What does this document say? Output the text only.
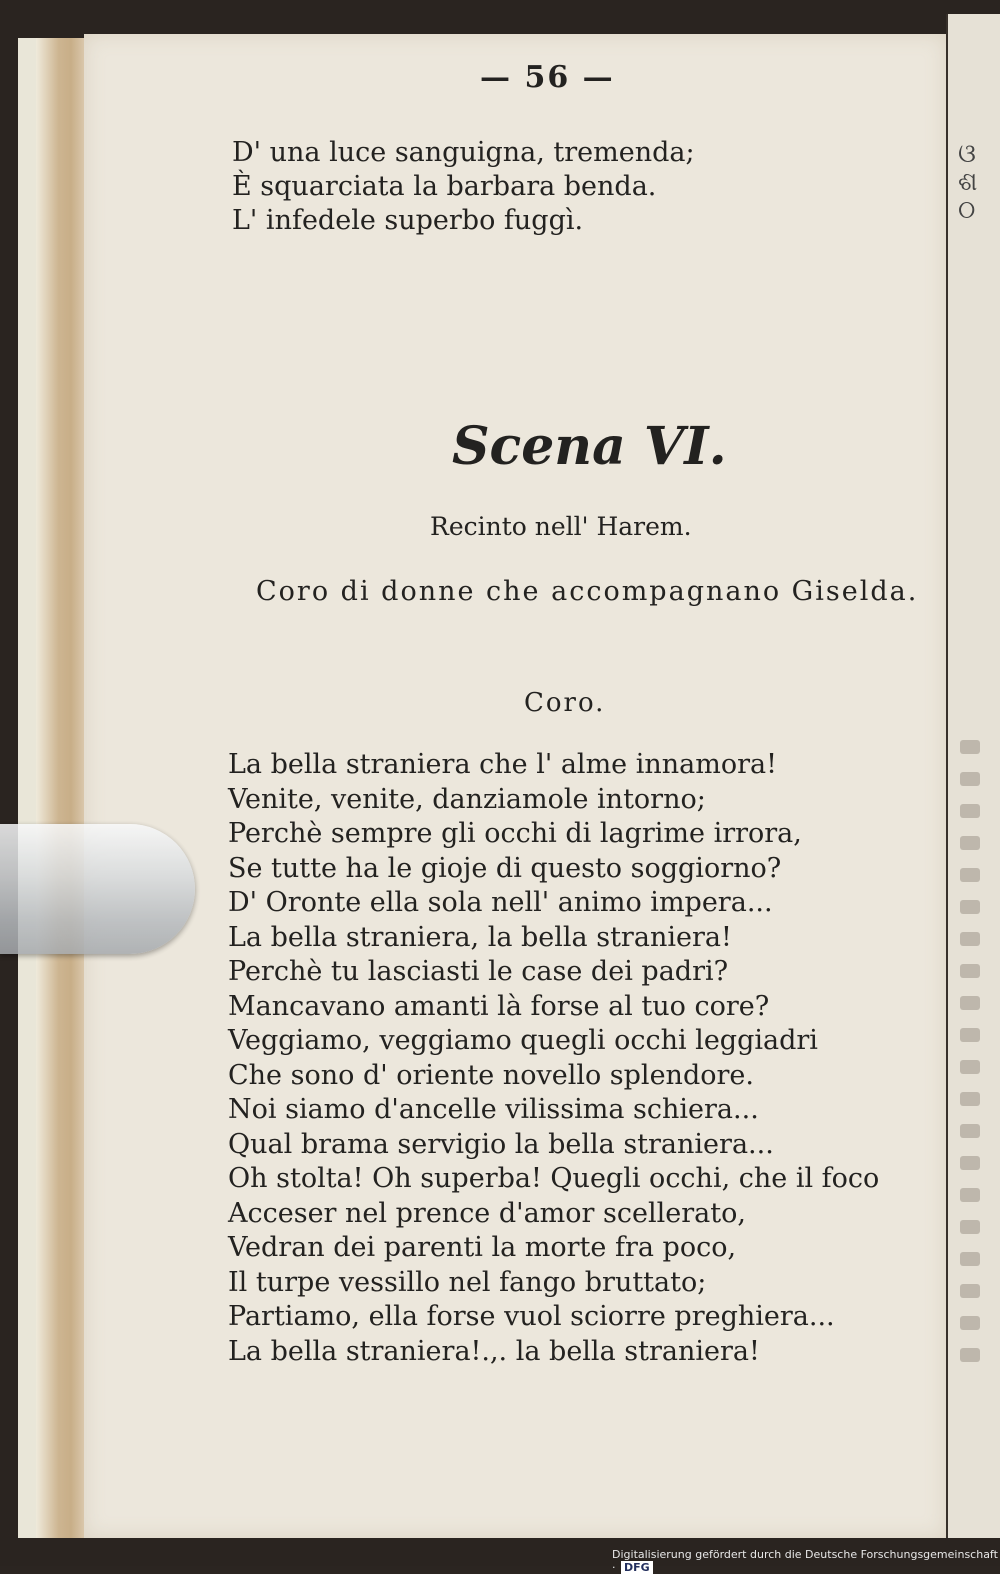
ଓ
ଶ
ଠ
— 56 —
D' una luce sanguigna, tremenda;
È squarciata la barbara benda.
L' infedele superbo fuggì.
Scena VI.
Recinto nell' Harem.
Coro di donne che accompagnano Giselda.
Coro.
La bella straniera che l' alme innamora!
Venite, venite, danziamole intorno;
Perchè sempre gli occhi di lagrime irrora,
Se tutte ha le gioje di questo soggiorno?
D' Oronte ella sola nell' animo impera...
La bella straniera, la bella straniera!
Perchè tu lasciasti le case dei padri?
Mancavano amanti là forse al tuo core?
Veggiamo, veggiamo quegli occhi leggiadri
Che sono d' oriente novello splendore.
Noi siamo d'ancelle vilissima schiera...
Qual brama servigio la bella straniera...
Oh stolta! Oh superba! Quegli occhi, che il foco
Acceser nel prence d'amor scellerato,
Vedran dei parenti la morte fra poco,
Il turpe vessillo nel fango bruttato;
Partiamo, ella forse vuol sciorre preghiera...
La bella straniera!.,. la bella straniera!
Digitalisierung gefördert durch die Deutsche Forschungsgemeinschaft · DFG
